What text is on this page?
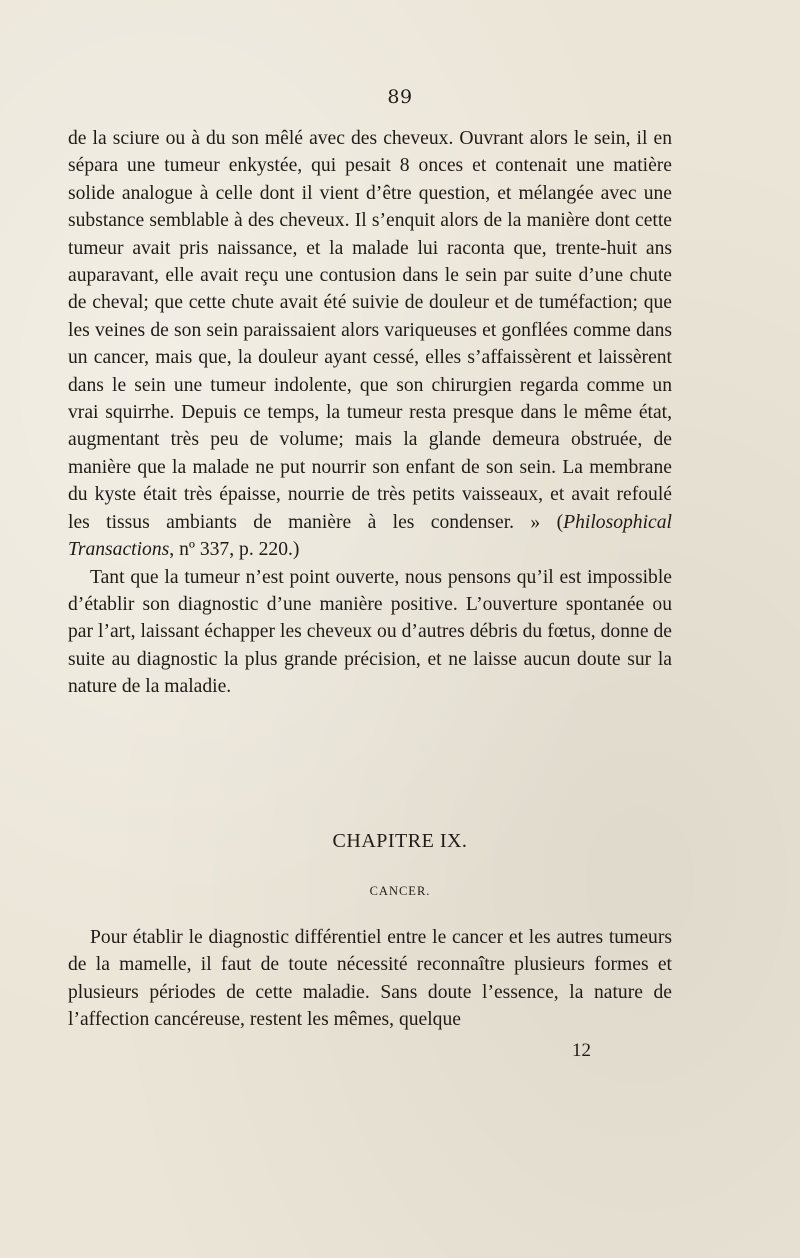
89

de la sciure ou à du son mêlé avec des cheveux. Ouvrant alors le sein, il en sépara une tumeur enkystée, qui pesait 8 onces et contenait une matière solide analogue à celle dont il vient d’être question, et mélangée avec une substance semblable à des cheveux. Il s’enquit alors de la manière dont cette tumeur avait pris naissance, et la malade lui raconta que, trente-huit ans auparavant, elle avait reçu une contusion dans le sein par suite d’une chute de cheval; que cette chute avait été suivie de douleur et de tuméfaction; que les veines de son sein paraissaient alors variqueuses et gonflées comme dans un cancer, mais que, la douleur ayant cessé, elles s’affaissèrent et laissèrent dans le sein une tumeur indolente, que son chirurgien regarda comme un vrai squirrhe. Depuis ce temps, la tumeur resta presque dans le même état, augmentant très peu de volume; mais la glande demeura obstruée, de manière que la malade ne put nourrir son enfant de son sein. La membrane du kyste était très épaisse, nourrie de très petits vaisseaux, et avait refoulé les tissus ambiants de manière à les condenser. » (Philosophical Transactions, nº 337, p. 220.)

Tant que la tumeur n’est point ouverte, nous pensons qu’il est impossible d’établir son diagnostic d’une manière positive. L’ouverture spontanée ou par l’art, laissant échapper les cheveux ou d’autres débris du fœtus, donne de suite au diagnostic la plus grande précision, et ne laisse aucun doute sur la nature de la maladie.

CHAPITRE IX.
CANCER.

Pour établir le diagnostic différentiel entre le cancer et les autres tumeurs de la mamelle, il faut de toute nécessité reconnaître plusieurs formes et plusieurs périodes de cette maladie. Sans doute l’essence, la nature de l’affection cancéreuse, restent les mêmes, quelque

12
